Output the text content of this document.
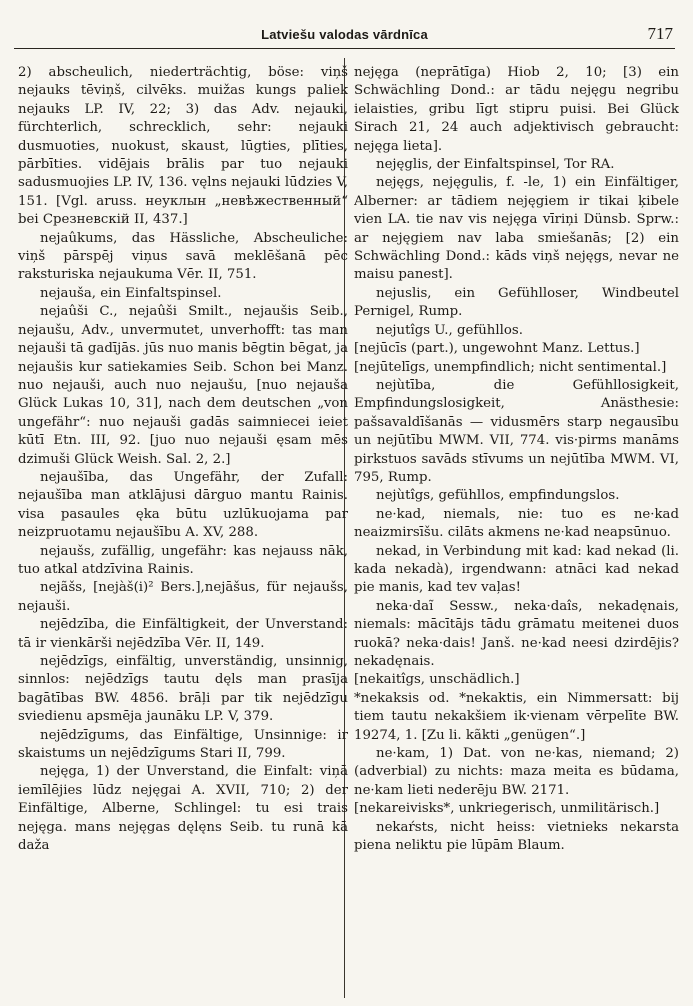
Latviešu valodas vārdnīca	717

2) abscheulich, niederträchtig, böse: viņš nejauks tēviņš, cilvēks. muižas kungs paliek nejauks LP. IV, 22; 3) das Adv. nejauki, fürchterlich, schrecklich, sehr: nejauki dusmuoties, nuokust, skaust, lūgties, plīties, pārbīties. vidējais brālis par tuo nejauki sadusmuojies LP. IV, 136. vęlns nejauki lūdzies V, 151. [Vgl. aruss. неуклын „невѣжественный“ bei Срезневскій II, 437.]

nejaûkums, das Hässliche, Abscheuliche: viņš pārspēj viņus savā meklēšanā pēc raksturiska nejaukuma Vēr. II, 751.

nejauša, ein Einfaltspinsel.

nejaûši C., nejaûši Smilt., nejaušis Seib., nejaušu, Adv., unvermutet, unverhofft: tas man nejauši tā gadījās. jūs nuo manis bēgtin bēgat, ja nejaušis kur satiekamies Seib. Schon bei Manz. nuo nejauši, auch nuo nejaušu, [nuo nejauša Glück Lukas 10, 31], nach dem deutschen „von ungefähr“: nuo nejauši gadās saimniecei ieiet kūtī Etn. III, 92. [juo nuo nejauši ęsam mēs dzimuši Glück Weish. Sal. 2, 2.]

nejaušība, das Ungefähr, der Zufall: nejaušība man atklājusi dārguo mantu Rainis. visa pasaules ęka būtu uzlūkuojama par neizpruotamu nejaušību A. XV, 288.

nejaušs, zufällig, ungefähr: kas nejauss nāk, tuo atkal atdzīvina Rainis.

nejãšs, [nejàš(i)² Bers.],nejāšus, für nejaušs, nejauši.

nejēdzība, die Einfältigkeit, der Unverstand: tā ir vienkārši nejēdzība Vēr. II, 149.

nejēdzīgs, einfältig, unverständig, unsinnig, sinnlos: nejēdzīgs tautu dęls man prasīja bagātības BW. 4856. brāļi par tik nejēdzīgu sviedienu apsmēja jaunāku LP. V, 379.

nejēdzīgums, das Einfältige, Unsinnige: ir skaistums un nejēdzīgums Stari II, 799.

nejęga, 1) der Unverstand, die Einfalt: viņā iemīlējies lūdz nejęgai A. XVII, 710; 2) der Einfältige, Alberne, Schlingel: tu esi trais nejęga. mans nejęgas dęlęns Seib. tu runā kā daža

nejęga (neprātīga) Hiob 2, 10; [3) ein Schwächling Dond.: ar tādu nejęgu negribu ielaisties, gribu līgt stipru puisi. Bei Glück Sirach 21, 24 auch adjektivisch gebraucht: nejęga lieta].

nejęglis, der Einfaltspinsel, Tor RA.

nejęgs, nejęgulis, f. -le, 1) ein Einfältiger, Alberner: ar tādiem nejęgiem ir tikai ķibele vien LA. tie nav vis nejęga vīriņi Dünsb. Sprw.: ar nejęgiem nav laba smiešanās; [2) ein Schwächling Dond.: kāds viņš nejęgs, nevar ne maisu panest].

nejuslis, ein Gefühlloser, Windbeutel Pernigel, Rump.

nejutîgs U., gefühllos.

[nejūcīs (part.), ungewohnt Manz. Lettus.]

[nejūtelīgs, unempfindlich; nicht sentimental.]

nejùtība, die Gefühllosigkeit, Empfindungslosigkeit, Anästhesie: pašsavaldīšanās — vidusmērs starp negausību un nejūtību MWM. VII, 774. vis·pirms manāms pirkstuos savāds stīvums un nejūtība MWM. VI, 795, Rump.

nejùtîgs, gefühllos, empfindungslos.

ne·kad, niemals, nie: tuo es ne·kad neaizmirsīšu. cilāts akmens ne·kad neapsūnuo.

nekad, in Verbindung mit kad: kad nekad (li. kada nekadà), irgendwann: atnāci kad nekad pie manis, kad tev vaļas!

neka·daĩ Sessw., neka·daîs, nekadęnais, niemals: mācītājs tādu grāmatu meitenei duos ruokā? neka·dais! Janš. ne·kad neesi dzirdējis? nekadęnais.

[nekaitîgs, unschädlich.]

*nekaksis od. *nekaktis, ein Nimmersatt: bij tiem tautu nekakšiem ik·vienam vērpelīte BW. 19274, 1. [Zu li. kãkti „genügen“.]

ne·kam, 1) Dat. von ne·kas, niemand; 2) (adverbial) zu nichts: maza meita es būdama, ne·kam lieti nederēju BW. 2171.

[nekareivisks*, unkriegerisch, unmilitärisch.]

nekaŕsts, nicht heiss: vietnieks nekarsta piena neliktu pie lūpām Blaum.
